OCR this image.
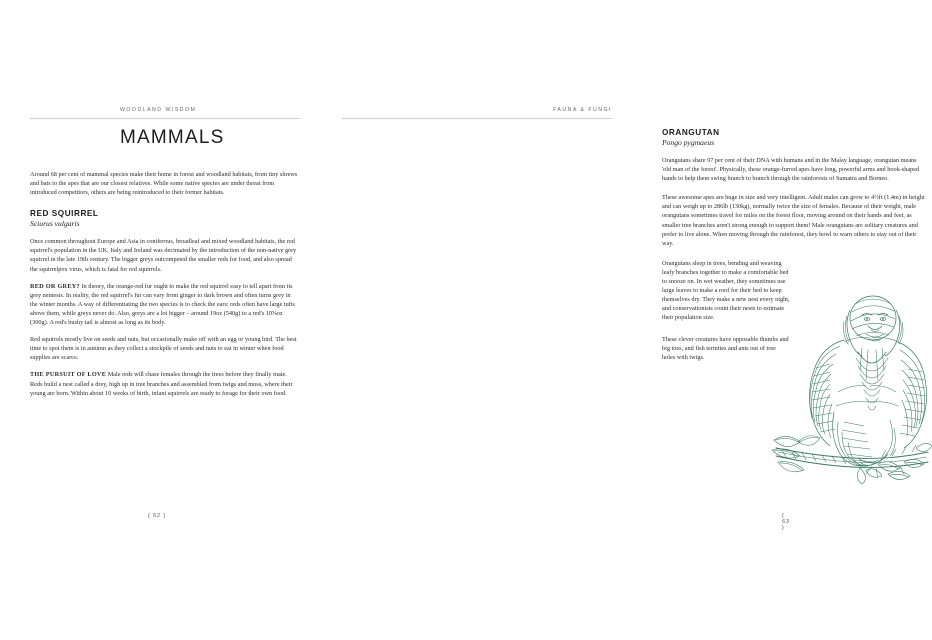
WOODLAND WISDOM
MAMMALS

Around 68 per cent of mammal species make their home in forest and woodland habitats, from tiny shrews and bats to the apes that are our closest relatives. While some native species are under threat from introduced competitors, others are being reintroduced to their former habitats.

RED SQUIRREL

Sciurus vulgaris

Once common throughout Europe and Asia in coniferous, broadleaf and mixed woodland habitats, the red squirrel's population in the UK, Italy and Ireland was decimated by the introduction of the non-native grey squirrel in the late 19th century. The bigger greys outcompeted the smaller reds for food, and also spread the squirrelpox virus, which is fatal for red squirrels.

RED OR GREY? In theory, the orange-red fur ought to make the red squirrel easy to tell apart from its grey nemesis. In reality, the red squirrel's fur can vary from ginger to dark brown and often turns grey in the winter months. A way of differentiating the two species is to check the ears: reds often have large tufts above them, while greys never do. Also, greys are a lot bigger – around 19oz (540g) to a red's 10⅝oz (300g). A red's bushy tail is almost as long as its body.

Red squirrels mostly live on seeds and nuts, but occasionally make off with an egg or young bird. The best time to spot them is in autumn as they collect a stockpile of seeds and nuts to eat in winter when food supplies are scarce.

THE PURSUIT OF LOVE Male reds will chase females through the trees before they finally mate. Reds build a nest called a drey, high up in tree branches and assembled from twigs and moss, where their young are born. Within about 10 weeks of birth, infant squirrels are ready to forage for their own food.

{ 62 }
FAUNA & FUNGI
ORANGUTAN

Pongo pygmaeus

Orangutans share 97 per cent of their DNA with humans and in the Malay language, orangutan means 'old man of the forest'. Physically, these orange-furred apes have long, powerful arms and hook-shaped hands to help them swing branch to branch through the rainforests of Sumatra and Borneo.

These awesome apes are huge in size and very intelligent. Adult males can grow to 4½ft (1.4m) in height and can weigh up to 286lb (130kg), normally twice the size of females. Because of their weight, male orangutans sometimes travel for miles on the forest floor, moving around on their hands and feet, as smaller tree branches aren't strong enough to support them! Male orangutans are solitary creatures and prefer to live alone. When moving through the rainforest, they howl to warn others to stay out of their way.

Orangutans sleep in trees, bending and weaving leafy branches together to make a comfortable bed to snooze on. In wet weather, they sometimes use large leaves to make a roof for their bed to keep themselves dry. They make a new nest every night, and conservationists count their nests to estimate their population size.

These clever creatures have opposable thumbs and big toes, and fish termites and ants out of tree holes with twigs.

{ 63 }
